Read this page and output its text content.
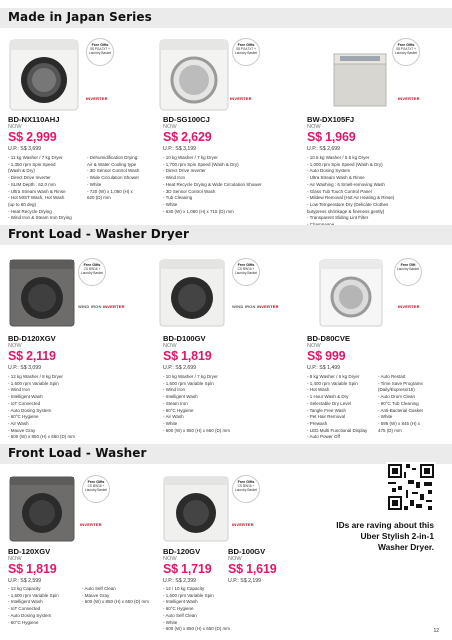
Made in Japan Series
Free Gifts
S$ PGA7XT + Laundry Basket
INVERTER
Free Gifts
S$ PGA7XT + Laundry Basket
INVERTER
Free Gifts
S$ PGA7XT + Laundry Basket
INVERTER
BD-NX110AHJ
NOW
S$ 2,999
U.P.: S$ 3,699
- 11 kg Washer / 7 kg Dryer
- 1,350 rpm Spin Speed
(Wash & Dry)
- Direct Drive Inverter
- SLIM Depth : 62.0 mm
- Ultra Stream Wash & Rinse
- Hot MIST Wash, Hot Wash
(up to 60 deg)
- Heat Recycle Drying
- Wind Iron & Steam Iron Drying
- Dehumidification Drying:
Air & Water Cooling type
- 3D Sensor Control Wash
- Wide Circulation Shower
- White
- 720 (W) x 1,060 (H) x
620 (D) mm
BD-SG100CJ
NOW
S$ 2,629
U.P.: S$ 3,199
- 10 kg Washer / 7 kg Dryer
- 1,700 rpm Spin Speed (Wash & Dry)
- Direct Drive Inverter
- Wind Iron
- Heat Recycle Drying & Wide Circulation Shower
- 3D Sensor Control Wash
- Tub Cleaning
- White
- 630 (W) x 1,060 (H) x 715 (D) mm
BW-DX105FJ
NOW
S$ 1,969
U.P.: S$ 2,699
- 10.5 kg Washer / 5.5 kg Dryer
- 1,000 rpm Spin Speed (Wash & Dry)
- Auto Dosing System
- Ultra Stream Wash & Rinse
- Air Washing : 6 Smell-removing Wash
- Glass Tub Touch Control Panel
- Mildew Removal (Hot Air Heating & Rinse)
- Low Temperature Dry (Delicate Clothes
butypress shrinkage & fineness gently)
- Transparent Sliding Lint Filter
Front Load - Washer Dryer
Free Gifts
CS BW16 + Laundry Basket
WIND IRON INVERTER
Free Gifts
CS BW16 + Laundry Basket
WIND IRON INVERTER
Free Gift
Laundry Basket
INVERTER
BD-D120XGV
NOW
S$ 2,119
U.P.: S$ 3,099
- 12 kg Washer / 8 kg Dryer
- 1,600 rpm Variable Spin
- Wind Iron
- Intelligent Wash
- IoT Connected
- Auto Dosing System
- 60°C Hygiene
- Air Wash
- Mauve Gray
- 600 (W) x 850 (H) x 660 (D) mm
BD-D100GV
NOW
S$ 1,819
U.P.: S$ 2,699
- 10 kg Washer / 7 kg Dryer
- 1,600 rpm Variable Spin
- Wind Iron
- Intelligent Wash
- Steam Iron
- 60°C Hygiene
- Air Wash
- White
- 600 (W) x 850 (H) x 660 (D) mm
BD-D80CVE
NOW
S$ 999
U.P.: S$ 1,499
- 8 kg Washer / 6 kg Dryer
- 1,400 rpm Variable Spin
- Hot Wash
- 1 Hour Wash & Dry
- Selectable Dry Level
- Tangle Free Wash
- Pet Hair Removal
- Prewash
- LED Multi Functional Display
- Auto Power Off
- Auto Restart
- Time Save Programs
(Daily/Express/15)
- Auto Drum Clean
- 90°C Tub Cleaning
- Anti-Bacterial Gasket
- White
- 595 (W) x 845 (H) x
475 (D) mm
Front Load - Washer
Free Gifts
CS BW16 + Laundry Basket
INVERTER
Free Gifts
CS BW16 + Laundry Basket
INVERTER	IDs are raving about this
Uber Stylish 2-in-1
Washer Dryer.
BD-120XGV
NOW
S$ 1,819
U.P.: S$ 2,599
- 12 kg Capacity
- 1,600 rpm Variable Spin
- Intelligent Wash
- IoT Connected
- Auto Dosing System
- 60°C Hygiene
- Auto Self Clean
- Mauve Gray
- 600 (W) x 850 (H) x 650 (D) mm
BD-120GV
NOW
S$ 1,719
U.P.: S$ 2,399
BD-100GV
NOW
S$ 1,619
U.P.: S$ 2,199
- 12 / 10 kg Capacity
- 1,600 rpm Variable Spin
- Intelligent Wash
- 60°C Hygiene
- Auto Self Clean
- White
- 600 (W) x 850 (H) x 650 (D) mm	12
